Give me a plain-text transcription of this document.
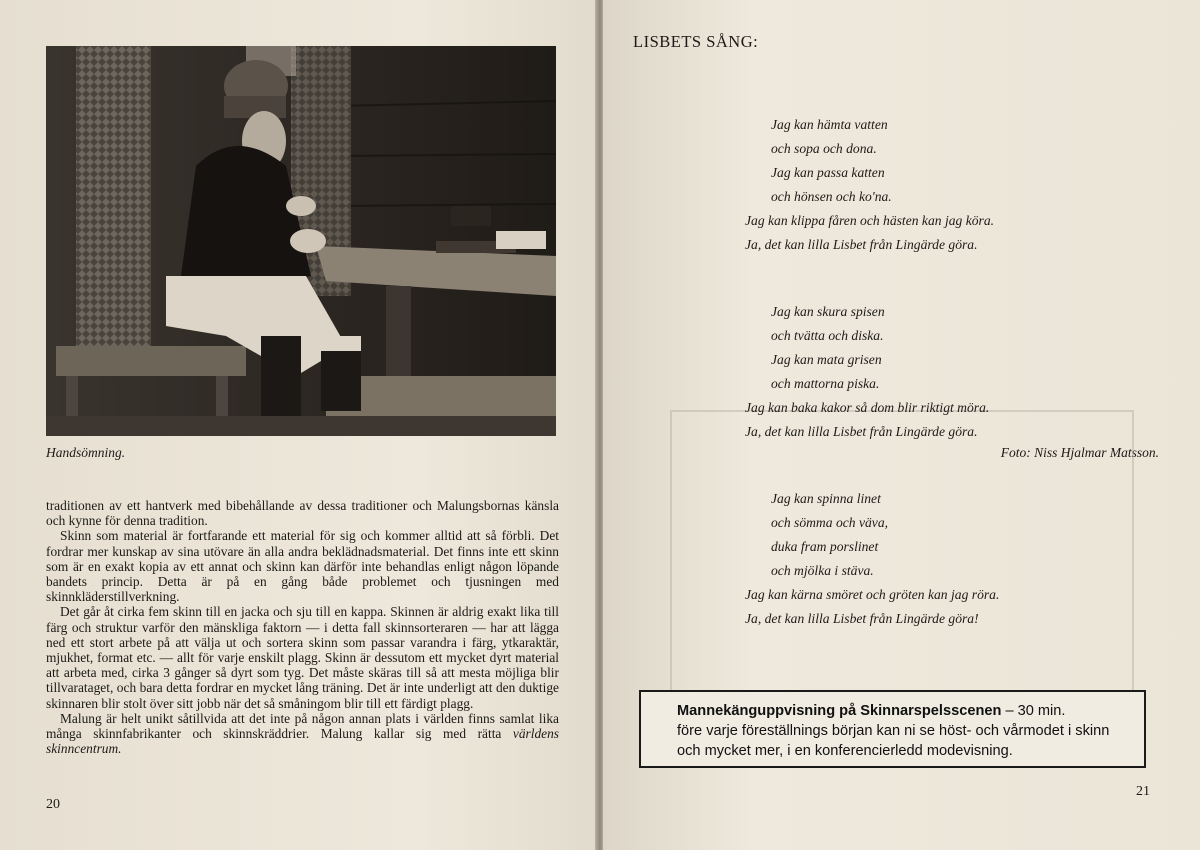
Handsömning.	Foto: Niss Hjalmar Matsson.

traditionen av ett hantverk med bibehållande av dessa traditioner och Malungsbornas känsla och kynne för denna tradition.

Skinn som material är fortfarande ett material för sig och kommer alltid att så förbli. Det fordrar mer kunskap av sina utövare än alla andra beklädnadsmaterial. Det finns inte ett skinn som är en exakt kopia av ett annat och skinn kan därför inte behandlas enligt någon löpande bandets princip. Detta är på en gång både problemet och tjusningen med skinnkläderstillverkning.

Det går åt cirka fem skinn till en jacka och sju till en kappa. Skinnen är aldrig exakt lika till färg och struktur varför den mänskliga faktorn — i detta fall skinnsorteraren — har att lägga ned ett stort arbete på att välja ut och sortera skinn som passar varandra i färg, ytkaraktär, mjukhet, format etc. — allt för varje enskilt plagg. Skinn är dessutom ett mycket dyrt material att arbeta med, cirka 3 gånger så dyrt som tyg. Det måste skäras till så att mesta möjliga blir tillvarataget, och bara detta fordrar en mycket lång träning. Det är inte underligt att den duktige skinnaren blir stolt över sitt jobb när det så småningom blir till ett färdigt plagg.

Malung är helt unikt såtillvida att det inte på någon annan plats i världen finns samlat lika många skinnfabrikanter och skinnskräddrier. Malung kallar sig med rätta världens skinncentrum.

20
LISBETS SÅNG:
Jag kan hämta vatten
och sopa och dona.
Jag kan passa katten
och hönsen och ko'na.
Jag kan klippa fåren och hästen kan jag köra.
Ja, det kan lilla Lisbet från Lingärde göra.
Jag kan skura spisen
och tvätta och diska.
Jag kan mata grisen
och mattorna piska.
Jag kan baka kakor så dom blir riktigt möra.
Ja, det kan lilla Lisbet från Lingärde göra.
Jag kan spinna linet
och sömma och väva,
duka fram porslinet
och mjölka i stäva.
Jag kan kärna smöret och gröten kan jag röra.
Ja, det kan lilla Lisbet från Lingärde göra!
Mannekänguppvisning på Skinnarspelsscenen – 30 min.
före varje föreställnings början kan ni se höst- och vårmodet i skinn och mycket mer, i en konferencierledd modevisning.
21
